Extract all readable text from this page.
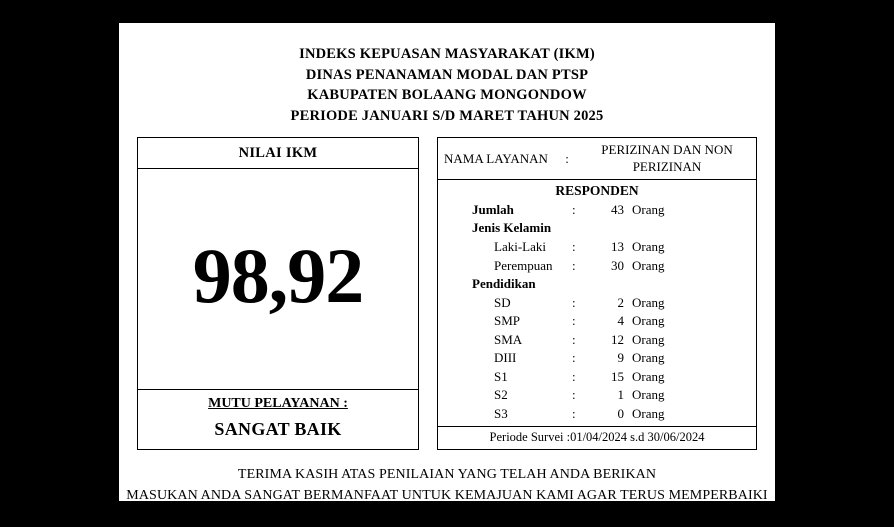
INDEKS KEPUASAN MASYARAKAT (IKM)
DINAS PENANAMAN MODAL DAN PTSP
KABUPATEN BOLAANG MONGONDOW
PERIODE JANUARI S/D MARET TAHUN 2025
NILAI IKM
98,92
MUTU PELAYANAN :
SANGAT BAIK
NAMA LAYANAN	:
PERIZINAN DAN NON PERIZINAN
RESPONDEN
Jumlah	:	43 Orang
Jenis Kelamin
Laki-Laki	:	13 Orang
Perempuan	:	30 Orang
Pendidikan
SD	:	2 Orang
SMP	:	4 Orang
SMA	:	12 Orang
DIII	:	9 Orang
S1	:	15 Orang
S2	:	1 Orang
S3	:	0 Orang
Periode Survei :01/04/2024 s.d 30/06/2024
TERIMA KASIH ATAS PENILAIAN YANG TELAH ANDA BERIKAN
MASUKAN ANDA SANGAT BERMANFAAT UNTUK KEMAJUAN KAMI AGAR TERUS MEMPERBAIKI
DAN MENINGKATKAN KUALITAS PELAYANAN BAGI MASYARAKAT
